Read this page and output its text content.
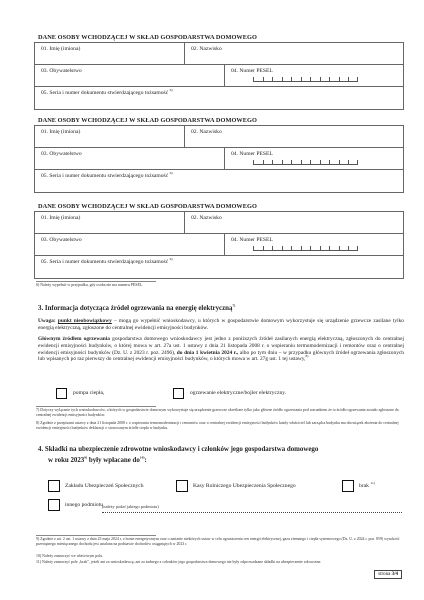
DANE OSOBY WCHODZĄCEJ W SKŁAD GOSPODARSTWA DOMOWEGO
01. Imię (imiona)	02. Nazwisko
03. Obywatelstwo	04. Numer PESEL
05. Seria i numer dokumentu stwierdzającego tożsamość $^{6)}$
DANE OSOBY WCHODZĄCEJ W SKŁAD GOSPODARSTWA DOMOWEGO
01. Imię (imiona)	02. Nazwisko
03. Obywatelstwo	04. Numer PESEL
05. Seria i numer dokumentu stwierdzającego tożsamość $^{6)}$
DANE OSOBY WCHODZĄCEJ W SKŁAD GOSPODARSTWA DOMOWEGO
01. Imię (imiona)	02. Nazwisko
03. Obywatelstwo	04. Numer PESEL
05. Seria i numer dokumentu stwierdzającego tożsamość $^{6)}$
6) Należy wypełnić w przypadku, gdy osoba nie ma numeru PESEL.
3. Informacja dotycząca źródeł ogrzewania na energię elektryczną$^{7)}$
Uwaga: punkt nieobowiązkowy – mogą go wypełnić wnioskodawcy, u których w gospodarstwie domowym wykorzystuje się urządzenie grzewcze zasilane tylko energią elektryczną, zgłoszone do centralnej ewidencji emisyjności budynków.
Głównym źródłem ogrzewania gospodarstwa domowego wnioskodawcy jest jedno z poniższych źródeł zasilanych energią elektryczną, zgłoszonych do centralnej ewidencji emisyjności budynków, o której mowa w art. 27a ust. 1 ustawy z dnia 21 listopada 2008 r. o wspieraniu termomodernizacji i remontów oraz o centralnej ewidencji emisyjności budynków (Dz. U. z 2023 r. poz. 2496), do dnia 1 kwietnia 2024 r., albo po tym dniu – w przypadku głównych źródeł ogrzewania zgłoszonych lub wpisanych po raz pierwszy do centralnej ewidencji emisyjności budynków, o których mowa w art. 27g ust. 1 tej ustawy,$^{8)}$
pompa ciepła,	ogrzewanie elektryczne/bojler elektryczny.
7) Dotyczy wyłącznie tych wnioskodawców, u których w gospodarstwie domowym wykorzystuje się urządzenie grzewcze określone tylko jako główne źródło ogrzewania pod warunkiem że to źródło ogrzewania zostało zgłoszone do centralnej ewidencji emisyjności budynków.
8) Zgodnie z przepisami ustawy z dnia 21 listopada 2008 r. o wspieraniu termomodernizacji i remontów oraz o centralnej ewidencji emisyjności budynków każdy właściciel lub zarządca budynku ma obowiązek złożenia do centralnej ewidencji emisyjności budynków deklaracji o stosowanym źródle ciepła w budynku.
4. Składki na ubezpieczenie zdrowotne wnioskodawcy i członków jego gospodarstwa domowego
w roku 2023$^{9)}$ były wpłacane $do^{10)}$:
Zakładu Ubezpieczeń Społecznych	Kasy Rolniczego Ubezpieczenia Społecznego	brak $^{11)}$
innego podmiotu
(należy podać jakiego podmiotu)
9) Zgodnie z art. 2 ust. 1 ustawy z dnia 23 maja 2024 r. o bonie energetycznym oraz o zmianie niektórych ustaw w celu ograniczenia cen energii elektrycznej, gazu ziemnego i ciepła systemowego (Dz. U. z 2024 r. poz. 859) wysokość przeciętnego miesięcznego dochodu jest ustalana na podstawie dochodów osiągniętych w 2023 r.
10) Należy zaznaczyć we właściwym polu.
11) Należy zaznaczyć pole „brak”, jeżeli ani za wnioskodawcę, ani za żadnego z członków jego gospodarstwa domowego nie były odprowadzane składki na ubezpieczenie zdrowotne.
strona 3/4
